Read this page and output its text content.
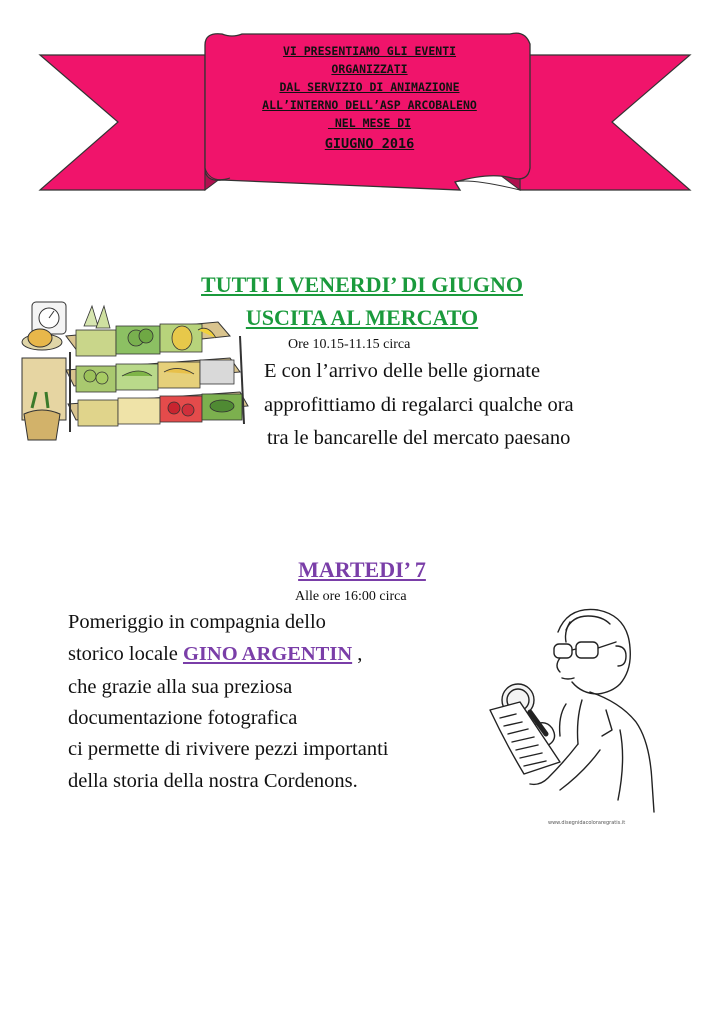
VI PRESENTIAMO GLI EVENTI
ORGANIZZATI
DAL SERVIZIO DI ANIMAZIONE
ALL’INTERNO DELL’ASP ARCOBALENO
NEL MESE DI
GIUGNO 2016
TUTTI I VENERDI’ DI GIUGNO
USCITA AL MERCATO
Ore 10.15-11.15 circa
E con l’arrivo delle belle giornate
approfittiamo di regalarci qualche ora
tra le bancarelle del mercato paesano
MARTEDI’ 7
Alle ore 16:00 circa
Pomeriggio in compagnia dello
storico locale GINO ARGENTIN ,
che grazie alla sua preziosa
documentazione fotografica
ci permette di rivivere pezzi importanti
della storia della nostra Cordenons.
www.disegnidacoloraregratis.it
